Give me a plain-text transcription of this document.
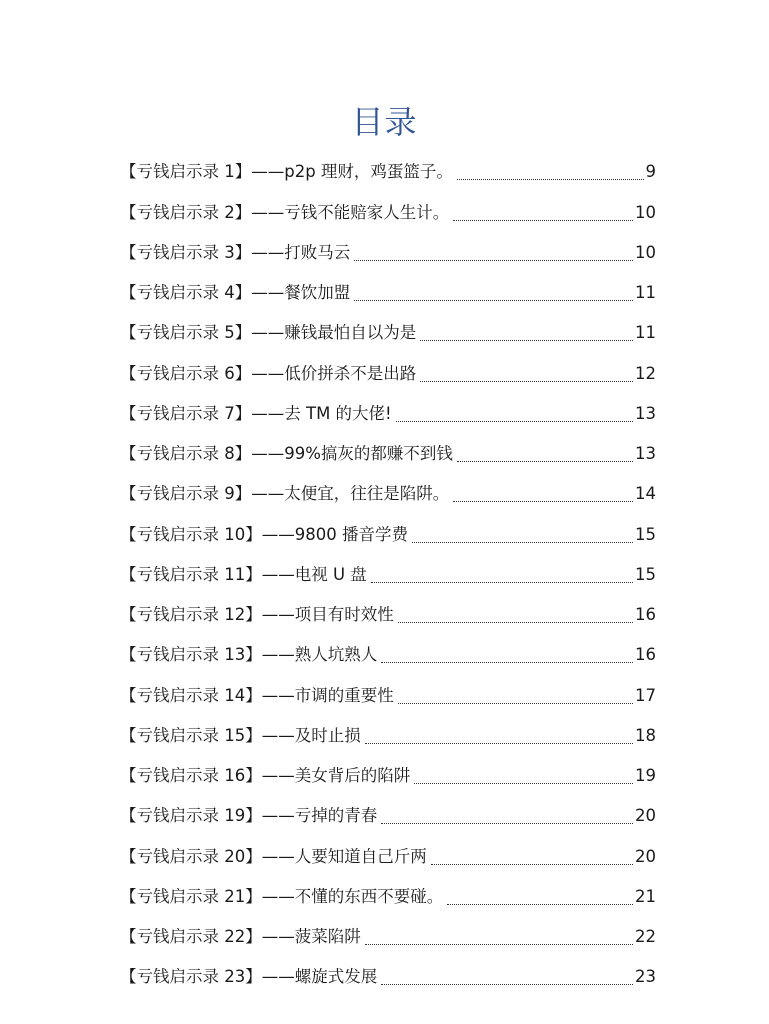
目录
【亏钱启示录 1】——p2p 理财，鸡蛋篮子。	9
【亏钱启示录 2】——亏钱不能赔家人生计。	10
【亏钱启示录 3】——打败马云	10
【亏钱启示录 4】——餐饮加盟	11
【亏钱启示录 5】——赚钱最怕自以为是	11
【亏钱启示录 6】——低价拼杀不是出路	12
【亏钱启示录 7】——去 TM 的大佬!	13
【亏钱启示录 8】——99%搞灰的都赚不到钱	13
【亏钱启示录 9】——太便宜，往往是陷阱。	14
【亏钱启示录 10】——9800 播音学费	15
【亏钱启示录 11】——电视 U 盘	15
【亏钱启示录 12】——项目有时效性	16
【亏钱启示录 13】——熟人坑熟人	16
【亏钱启示录 14】——市调的重要性	17
【亏钱启示录 15】——及时止损	18
【亏钱启示录 16】——美女背后的陷阱	19
【亏钱启示录 19】——亏掉的青春	20
【亏钱启示录 20】——人要知道自己斤两	20
【亏钱启示录 21】——不懂的东西不要碰。	21
【亏钱启示录 22】——菠菜陷阱	22
【亏钱启示录 23】——螺旋式发展	23
